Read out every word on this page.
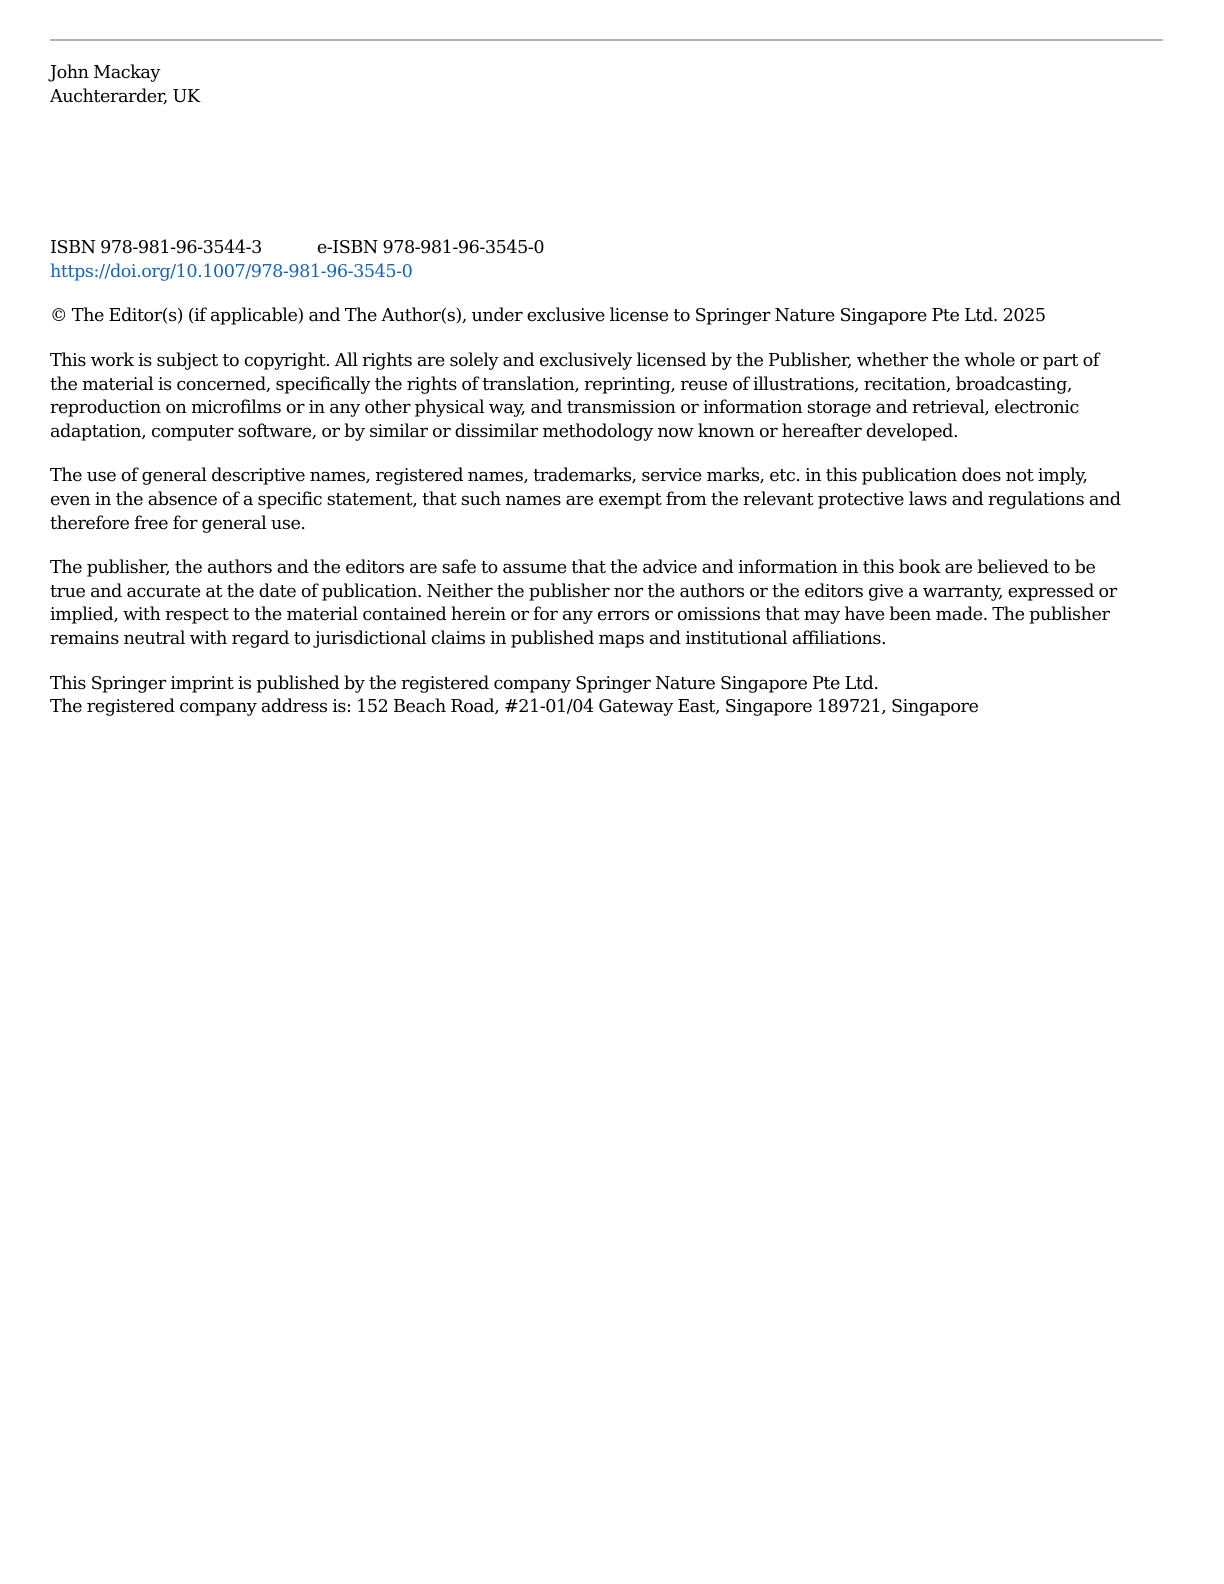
John Mackay
Auchterarder, UK
ISBN 978-981-96-3544-3	e-ISBN 978-981-96-3545-0
https://doi.org/10.1007/978-981-96-3545-0

© The Editor(s) (if applicable) and The Author(s), under exclusive license to Springer Nature Singapore Pte Ltd. 2025

This work is subject to copyright. All rights are solely and exclusively licensed by the Publisher, whether the whole or part of
the material is concerned, specifically the rights of translation, reprinting, reuse of illustrations, recitation, broadcasting,
reproduction on microfilms or in any other physical way, and transmission or information storage and retrieval, electronic
adaptation, computer software, or by similar or dissimilar methodology now known or hereafter developed.

The use of general descriptive names, registered names, trademarks, service marks, etc. in this publication does not imply,
even in the absence of a specific statement, that such names are exempt from the relevant protective laws and regulations and
therefore free for general use.

The publisher, the authors and the editors are safe to assume that the advice and information in this book are believed to be
true and accurate at the date of publication. Neither the publisher nor the authors or the editors give a warranty, expressed or
implied, with respect to the material contained herein or for any errors or omissions that may have been made. The publisher
remains neutral with regard to jurisdictional claims in published maps and institutional affiliations.

This Springer imprint is published by the registered company Springer Nature Singapore Pte Ltd.
The registered company address is: 152 Beach Road, #21-01/04 Gateway East, Singapore 189721, Singapore
